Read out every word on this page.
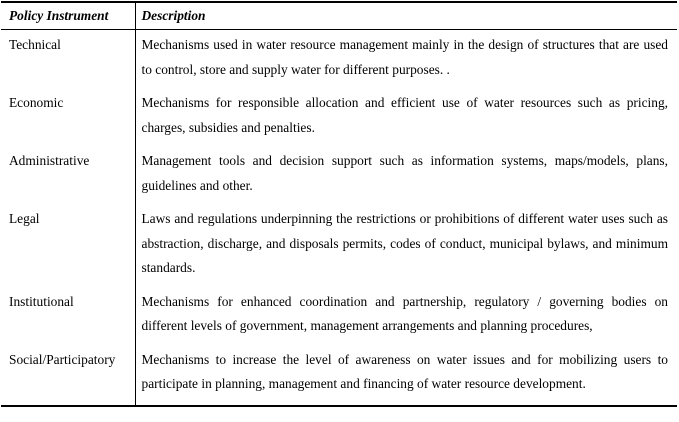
Policy Instrument	Description
Technical	Mechanisms used in water resource management mainly in the design of structures that are used to control, store and supply water for different purposes. .
Economic	Mechanisms for responsible allocation and efficient use of water resources such as pricing, charges, subsidies and penalties.
Administrative	Management tools and decision support such as information systems, maps/models, plans, guidelines and other.
Legal	Laws and regulations underpinning the restrictions or prohibitions of different water uses such as abstraction, discharge, and disposals permits, codes of conduct, municipal bylaws, and minimum standards.
Institutional	Mechanisms for enhanced coordination and partnership, regulatory / governing bodies on different levels of government, management arrangements and planning procedures,
Social/Participatory	Mechanisms to increase the level of awareness on water issues and for mobilizing users to participate in planning, management and financing of water resource development.
